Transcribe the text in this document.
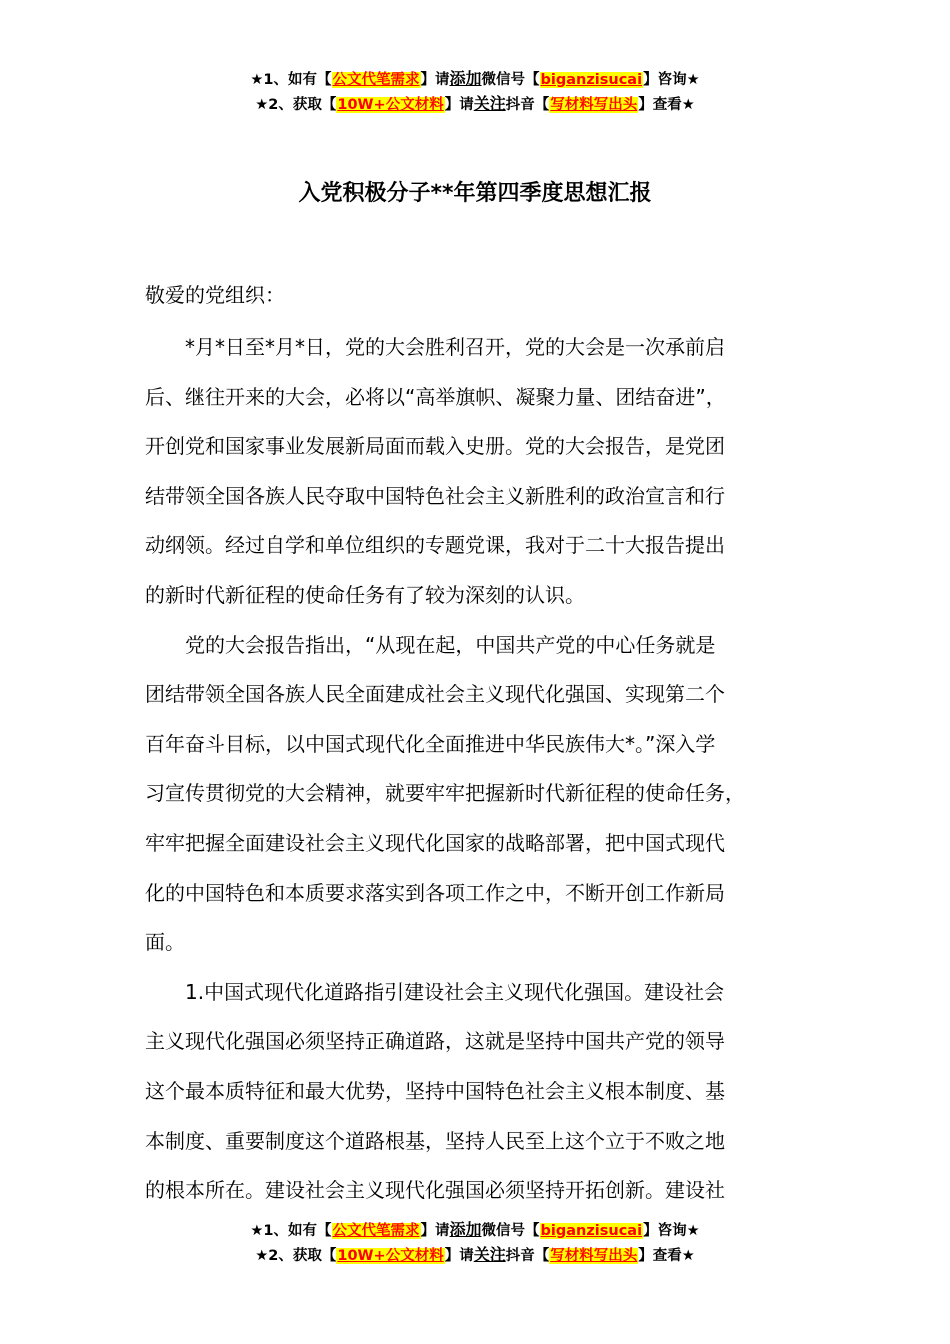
★1、如有【公文代笔需求】请添加微信号【biganzisucai】咨询★
★2、获取【10W+公文材料】请关注抖音【写材料写出头】查看★
入党积极分子**年第四季度思想汇报
敬爱的党组织：
　　*月*日至*月*日，党的大会胜利召开，党的大会是一次承前启
后、继往开来的大会，必将以“高举旗帜、凝聚力量、团结奋进”，
开创党和国家事业发展新局面而载入史册。党的大会报告，是党团
结带领全国各族人民夺取中国特色社会主义新胜利的政治宣言和行
动纲领。经过自学和单位组织的专题党课，我对于二十大报告提出
的新时代新征程的使命任务有了较为深刻的认识。
　　党的大会报告指出，“从现在起，中国共产党的中心任务就是
团结带领全国各族人民全面建成社会主义现代化强国、实现第二个
百年奋斗目标，以中国式现代化全面推进中华民族伟大*。”深入学
习宣传贯彻党的大会精神，就要牢牢把握新时代新征程的使命任务，
牢牢把握全面建设社会主义现代化国家的战略部署，把中国式现代
化的中国特色和本质要求落实到各项工作之中，不断开创工作新局
面。
　　1.中国式现代化道路指引建设社会主义现代化强国。建设社会
主义现代化强国必须坚持正确道路，这就是坚持中国共产党的领导
这个最本质特征和最大优势，坚持中国特色社会主义根本制度、基
本制度、重要制度这个道路根基，坚持人民至上这个立于不败之地
的根本所在。建设社会主义现代化强国必须坚持开拓创新。建设社
★1、如有【公文代笔需求】请添加微信号【biganzisucai】咨询★
★2、获取【10W+公文材料】请关注抖音【写材料写出头】查看★
